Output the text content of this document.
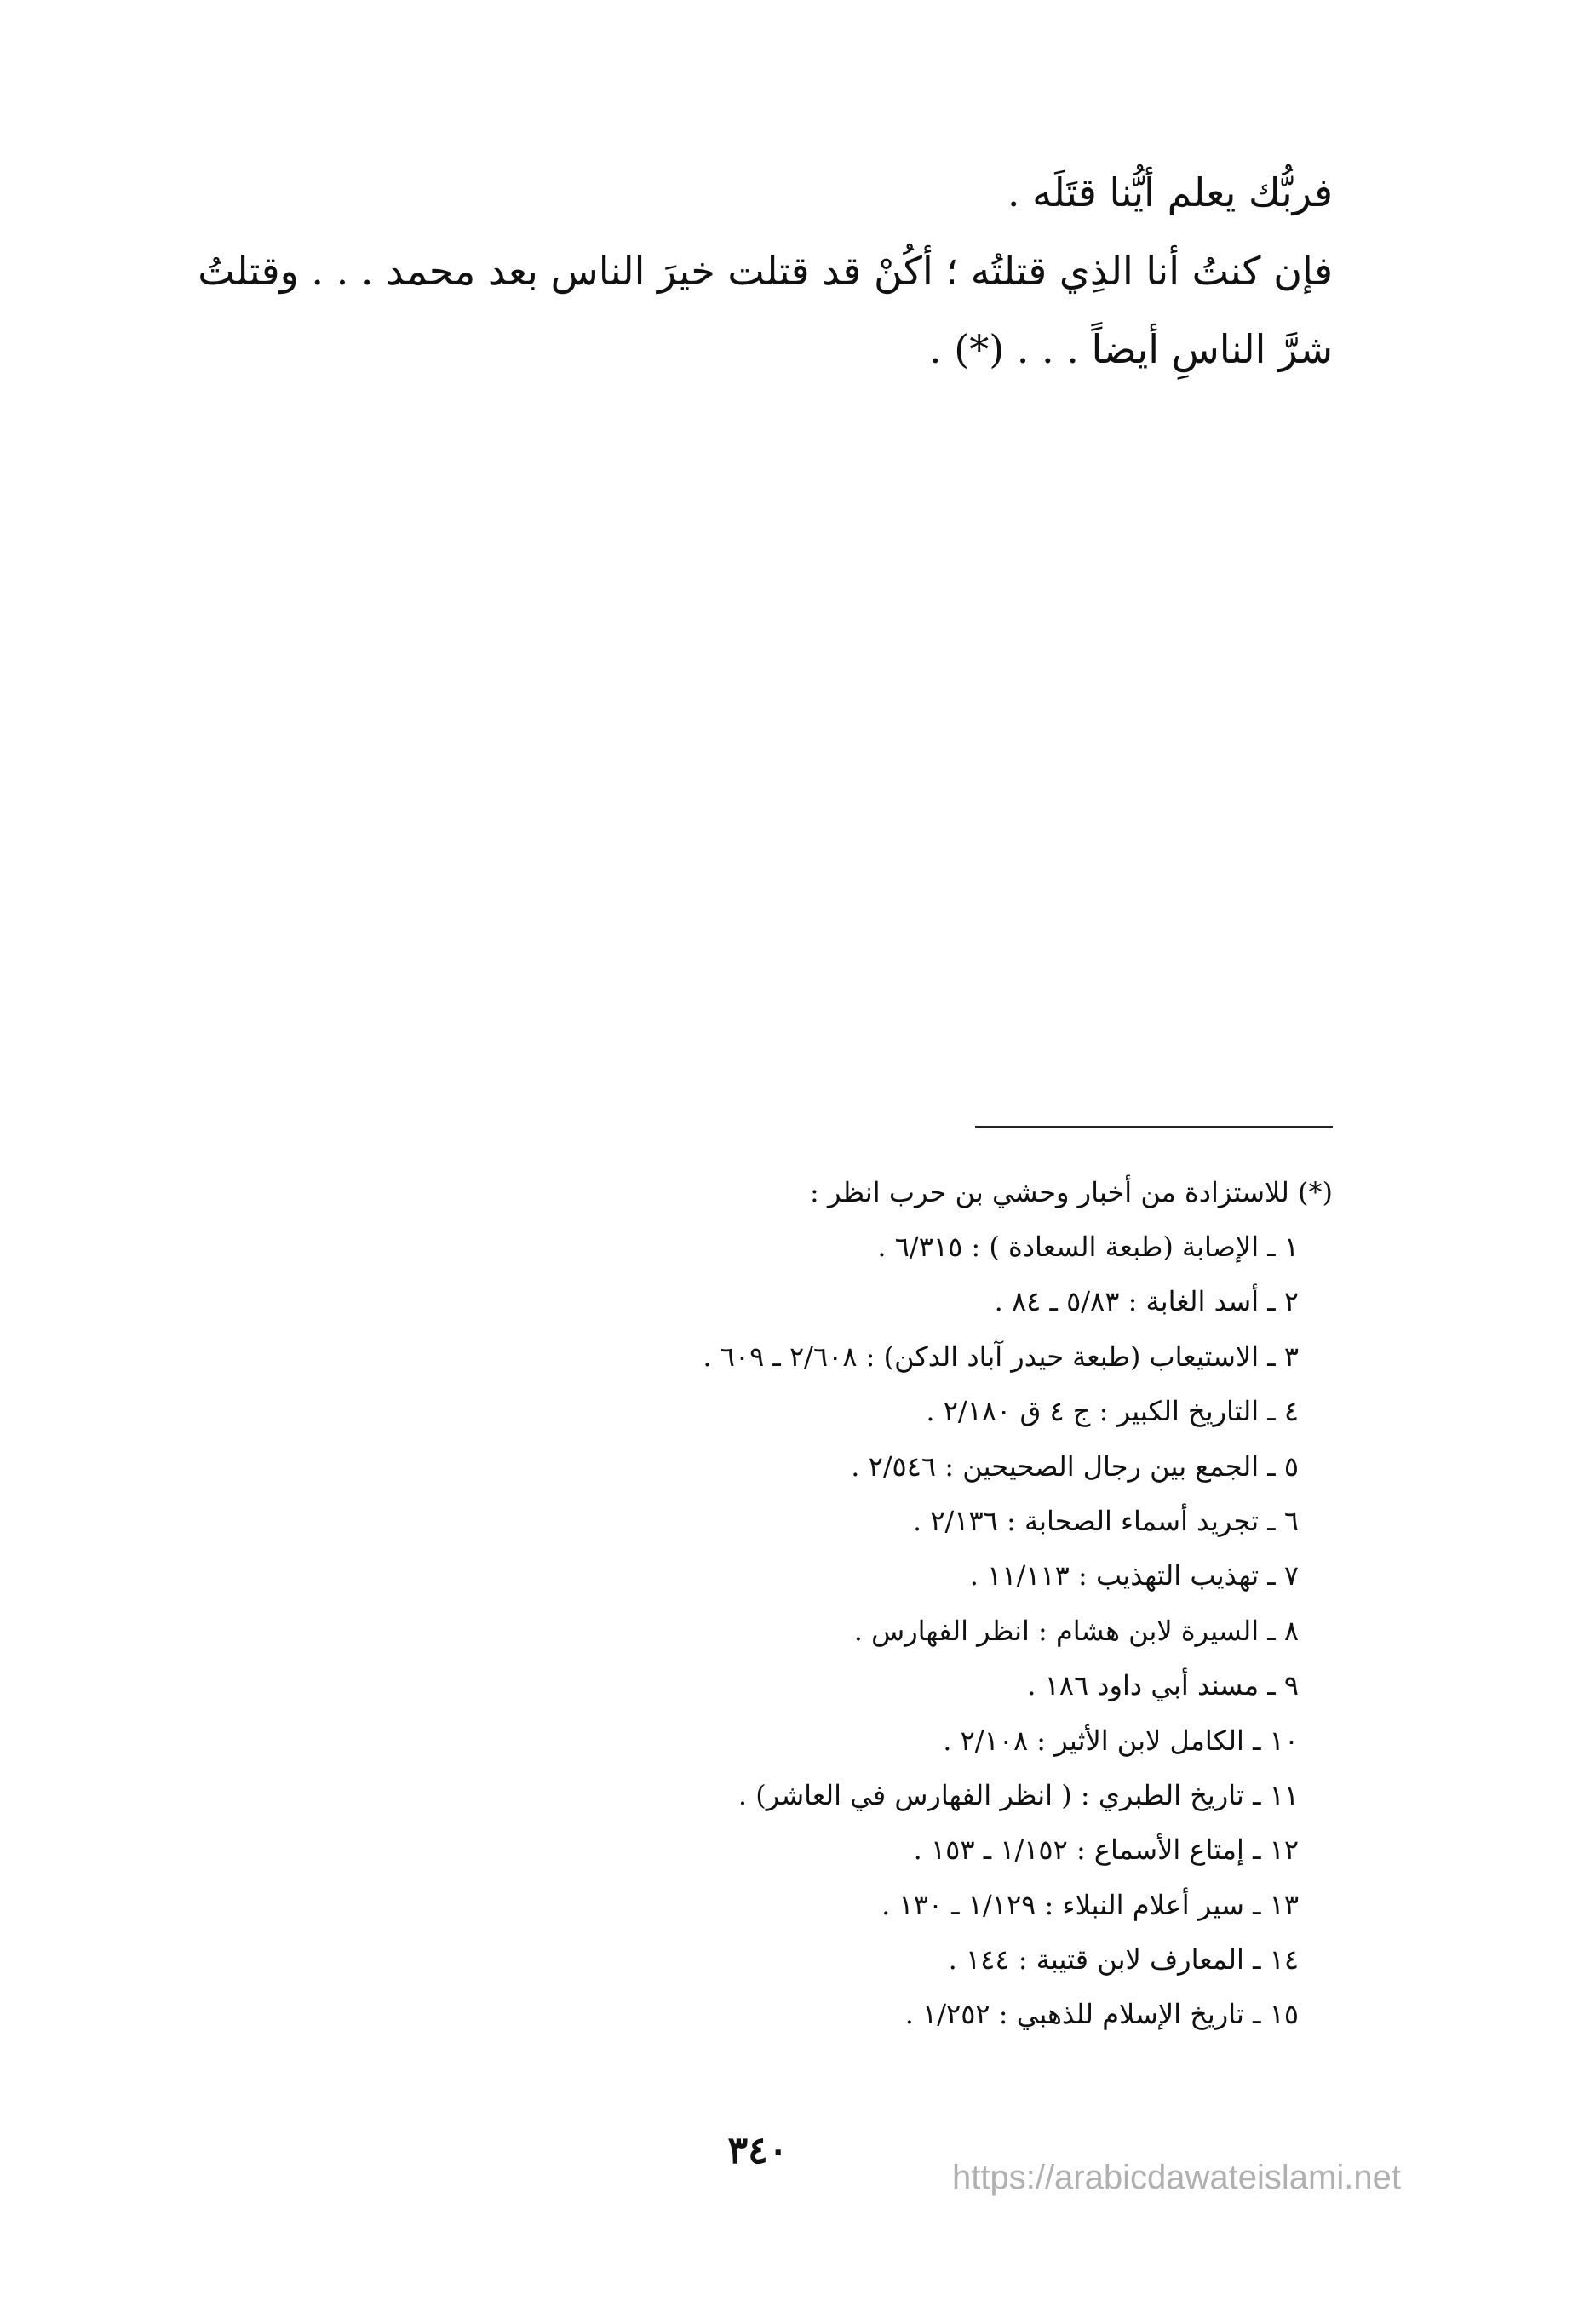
فربُّك يعلم أيُّنا قتَلَه .

فإن كنتُ أنا الذِي قتلتُه ؛ أكُنْ قد قتلت خيرَ الناس بعد محمد . . . وقتلتُ

شرَّ الناسِ أيضاً . . . (*) .

(*) للاستزادة من أخبار وحشي بن حرب انظر :

١ ـ الإصابة (طبعة السعادة ) : ٦/٣١٥ .
٢ ـ أسد الغابة : ٥/٨٣ ـ ٨٤ .
٣ ـ الاستيعاب (طبعة حيدر آباد الدكن) : ٢/٦٠٨ ـ ٦٠٩ .
٤ ـ التاريخ الكبير : ج ٤ ق ٢/١٨٠ .
٥ ـ الجمع بين رجال الصحيحين : ٢/٥٤٦ .
٦ ـ تجريد أسماء الصحابة : ٢/١٣٦ .
٧ ـ تهذيب التهذيب : ١١/١١٣ .
٨ ـ السيرة لابن هشام : انظر الفهارس .
٩ ـ مسند أبي داود ١٨٦ .
١٠ ـ الكامل لابن الأثير : ٢/١٠٨ .
١١ ـ تاريخ الطبري : ( انظر الفهارس في العاشر) .
١٢ ـ إمتاع الأسماع : ١/١٥٢ ـ ١٥٣ .
١٣ ـ سير أعلام النبلاء : ١/١٢٩ ـ ١٣٠ .
١٤ ـ المعارف لابن قتيبة : ١٤٤ .
١٥ ـ تاريخ الإسلام للذهبي : ١/٢٥٢ .
٣٤٠
https://arabicdawateislami.net
